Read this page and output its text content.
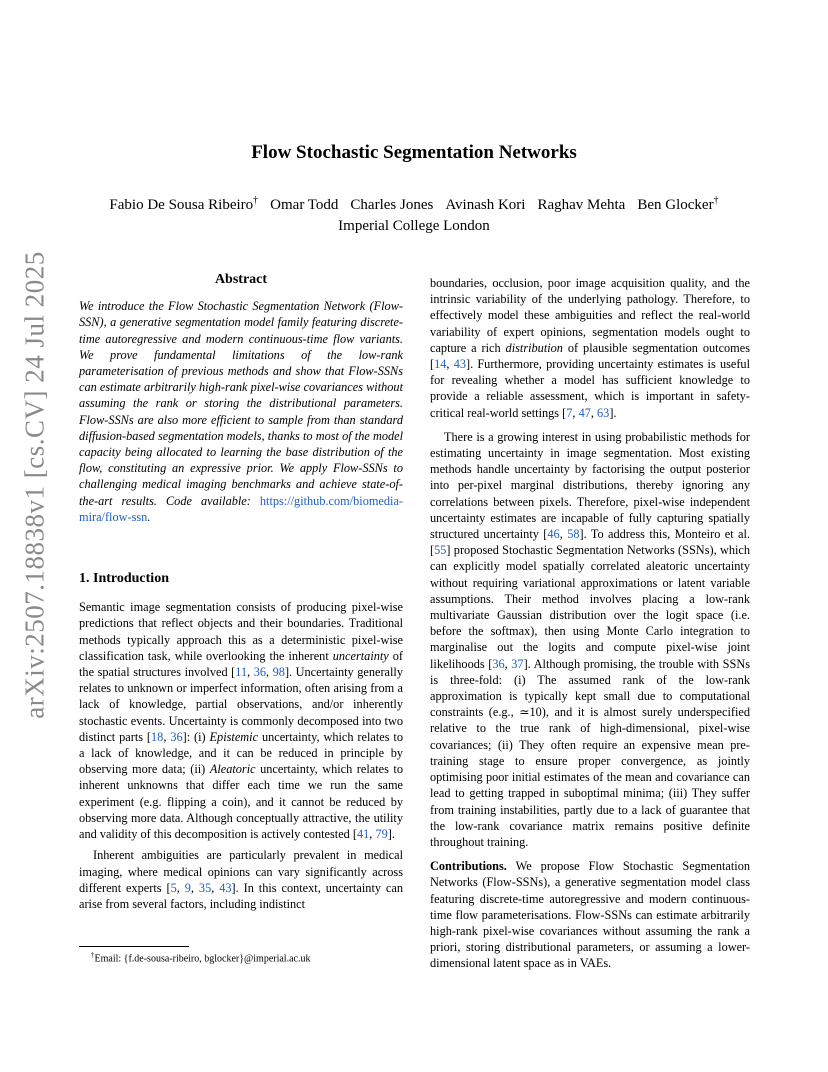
Flow Stochastic Segmentation Networks
Fabio De Sousa Ribeiro† Omar Todd Charles Jones Avinash Kori Raghav Mehta Ben Glocker†
Imperial College London
arXiv:2507.18838v1 [cs.CV] 24 Jul 2025	Abstract

We introduce the Flow Stochastic Segmentation Network (Flow-SSN), a generative segmentation model family featuring discrete-time autoregressive and modern continuous-time flow variants. We prove fundamental limitations of the low-rank parameterisation of previous methods and show that Flow-SSNs can estimate arbitrarily high-rank pixel-wise covariances without assuming the rank or storing the distributional parameters. Flow-SSNs are also more efficient to sample from than standard diffusion-based segmentation models, thanks to most of the model capacity being allocated to learning the base distribution of the flow, constituting an expressive prior. We apply Flow-SSNs to challenging medical imaging benchmarks and achieve state-of-the-art results. Code available: https://github.com/biomedia-mira/flow-ssn.

1. Introduction

Semantic image segmentation consists of producing pixel-wise predictions that reflect objects and their boundaries. Traditional methods typically approach this as a deterministic pixel-wise classification task, while overlooking the inherent uncertainty of the spatial structures involved [11, 36, 98]. Uncertainty generally relates to unknown or imperfect information, often arising from a lack of knowledge, partial observations, and/or inherently stochastic events. Uncertainty is commonly decomposed into two distinct parts [18, 36]: (i) Epistemic uncertainty, which relates to a lack of knowledge, and it can be reduced in principle by observing more data; (ii) Aleatoric uncertainty, which relates to inherent unknowns that differ each time we run the same experiment (e.g. flipping a coin), and it cannot be reduced by observing more data. Although conceptually attractive, the utility and validity of this decomposition is actively contested [41, 79].

Inherent ambiguities are particularly prevalent in medical imaging, where medical opinions can vary significantly across different experts [5, 9, 35, 43]. In this context, uncertainty can arise from several factors, including indistinct

boundaries, occlusion, poor image acquisition quality, and the intrinsic variability of the underlying pathology. Therefore, to effectively model these ambiguities and reflect the real-world variability of expert opinions, segmentation models ought to capture a rich distribution of plausible segmentation outcomes [14, 43]. Furthermore, providing uncertainty estimates is useful for revealing whether a model has sufficient knowledge to provide a reliable assessment, which is important in safety-critical real-world settings [7, 47, 63].

There is a growing interest in using probabilistic methods for estimating uncertainty in image segmentation. Most existing methods handle uncertainty by factorising the output posterior into per-pixel marginal distributions, thereby ignoring any correlations between pixels. Therefore, pixel-wise independent uncertainty estimates are incapable of fully capturing spatially structured uncertainty [46, 58]. To address this, Monteiro et al. [55] proposed Stochastic Segmentation Networks (SSNs), which can explicitly model spatially correlated aleatoric uncertainty without requiring variational approximations or latent variable assumptions. Their method involves placing a low-rank multivariate Gaussian distribution over the logit space (i.e. before the softmax), then using Monte Carlo integration to marginalise out the logits and compute pixel-wise joint likelihoods [36, 37]. Although promising, the trouble with SSNs is three-fold: (i) The assumed rank of the low-rank approximation is typically kept small due to computational constraints (e.g., ≃10), and it is almost surely underspecified relative to the true rank of high-dimensional, pixel-wise covariances; (ii) They often require an expensive mean pre-training stage to ensure proper convergence, as jointly optimising poor initial estimates of the mean and covariance can lead to getting trapped in suboptimal minima; (iii) They suffer from training instabilities, partly due to a lack of guarantee that the low-rank covariance matrix remains positive definite throughout training.

Contributions. We propose Flow Stochastic Segmentation Networks (Flow-SSNs), a generative segmentation model class featuring discrete-time autoregressive and modern continuous-time flow parameterisations. Flow-SSNs can estimate arbitrarily high-rank pixel-wise covariances without assuming the rank a priori, storing distributional parameters, or assuming a lower-dimensional latent space as in VAEs.

†Email: {f.de-sousa-ribeiro, bglocker}@imperial.ac.uk
